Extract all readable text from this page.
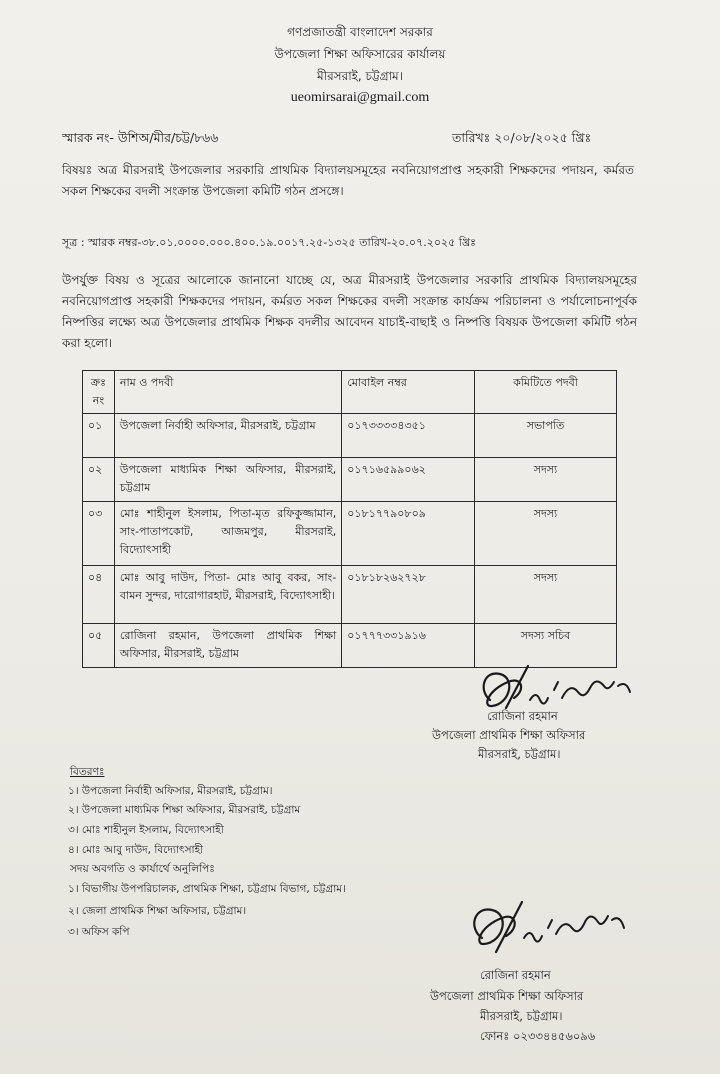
গণপ্রজাতন্ত্রী বাংলাদেশ সরকার
উপজেলা শিক্ষা অফিসারের কার্যালয়
মীরসরাই, চট্টগ্রাম।
ueomirsarai@gmail.com
স্মারক নং- উশিঅ/মীর/চট্ট/৮৬৬	তারিখঃ ২০/০৮/২০২৫ খ্রিঃ
বিষয়ঃ অত্র মীরসরাই উপজেলার সরকারি প্রাথমিক বিদ্যালয়সমূহের নবনিয়োগপ্রাপ্ত সহকারী শিক্ষকদের পদায়ন, কর্মরত সকল শিক্ষকের বদলী সংক্রান্ত উপজেলা কমিটি গঠন প্রসঙ্গে।
সূত্র : স্মারক নম্বর-৩৮.০১.০০০০.০০০.৪০০.১৯.০০১৭.২৫-১৩২৫ তারিখ-২০.০৭.২০২৫ খ্রিঃ
উপর্যুক্ত বিষয় ও সূত্রের আলোকে জানানো যাচ্ছে যে, অত্র মীরসরাই উপজেলার সরকারি প্রাথমিক বিদ্যালয়সমূহের নবনিয়োগপ্রাপ্ত সহকারী শিক্ষকদের পদায়ন, কর্মরত সকল শিক্ষকের বদলী সংক্রান্ত কার্যক্রম পরিচালনা ও পর্যালোচনাপূর্বক নিষ্পত্তির লক্ষ্যে অত্র উপজেলার প্রাথমিক শিক্ষক বদলীর আবেদন যাচাই-বাছাই ও নিষ্পত্তি বিষয়ক উপজেলা কমিটি গঠন করা হলো।
ক্রঃ নং	নাম ও পদবী	মোবাইল নম্বর	কমিটিতে পদবী
০১	উপজেলা নির্বাহী অফিসার, মীরসরাই, চট্টগ্রাম	০১৭৩৩৩৩৪৩৫১	সভাপতি
০২	উপজেলা মাধ্যমিক শিক্ষা অফিসার, মীরসরাই, চট্টগ্রাম	০১৭১৬৫৯৯০৬২	সদস্য
০৩	মোঃ শাহীনুল ইসলাম, পিতা-মৃত রফিকুজ্জামান, সাং-পাতাপকোট, আজমপুর, মীরসরাই, বিদ্যোৎসাহী	০১৮১৭৭৯০৮০৯	সদস্য
০৪	মোঃ আবু দাউদ, পিতা- মোঃ আবু বকর, সাং- বামন সুন্দর, দারোগারহাট, মীরসরাই, বিদ্যোৎসাহী।	০১৮১৮২৬২৭২৮	সদস্য
০৫	রোজিনা রহমান, উপজেলা প্রাথমিক শিক্ষা অফিসার, মীরসরাই, চট্টগ্রাম	০১৭৭৭৩৩১৯১৬	সদস্য সচিব
রোজিনা রহমান
উপজেলা প্রাথমিক শিক্ষা অফিসার
মীরসরাই, চট্টগ্রাম।
বিতরণঃ
১। উপজেলা নির্বাহী অফিসার, মীরসরাই, চট্টগ্রাম।
২। উপজেলা মাধ্যমিক শিক্ষা অফিসার, মীরসরাই, চট্টগ্রাম
৩। মোঃ শাহীনুল ইসলাম, বিদ্যোৎসাহী
৪। মোঃ আবু দাউদ, বিদ্যোৎসাহী
সদয় অবগতি ও কার্যার্থে অনুলিপিঃ
১। বিভাগীয় উপপরিচালক, প্রাথমিক শিক্ষা, চট্টগ্রাম বিভাগ, চট্টগ্রাম।
২। জেলা প্রাথমিক শিক্ষা অফিসার, চট্টগ্রাম।
৩। অফিস কপি
রোজিনা রহমান
উপজেলা প্রাথমিক শিক্ষা অফিসার
মীরসরাই, চট্টগ্রাম।
ফোনঃ ০২৩৩৪৪৫৬০৯৬
